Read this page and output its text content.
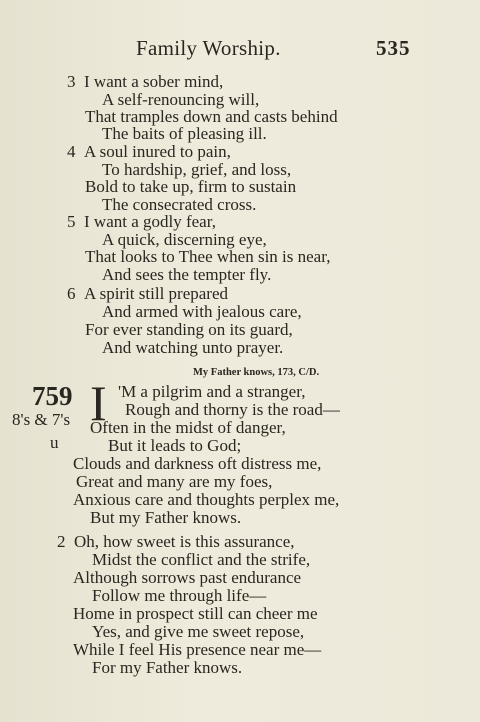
Family Worship.	535
3 I want a sober mind,
A self-renouncing will,
That tramples down and casts behind
The baits of pleasing ill.
4 A soul inured to pain,
To hardship, grief, and loss,
Bold to take up, firm to sustain
The consecrated cross.
5 I want a godly fear,
A quick, discerning eye,
That looks to Thee when sin is near,
And sees the tempter fly.
6 A spirit still prepared
And armed with jealous care,
For ever standing on its guard,
And watching unto prayer.
My Father knows, 173, C/D.
759 I
8's & 7's
u
'M a pilgrim and a stranger,
Rough and thorny is the road—
Often in the midst of danger,
But it leads to God;
Clouds and darkness oft distress me,
Great and many are my foes,
Anxious care and thoughts perplex me,
But my Father knows.
2 Oh, how sweet is this assurance,
Midst the conflict and the strife,
Although sorrows past endurance
Follow me through life—
Home in prospect still can cheer me
Yes, and give me sweet repose,
While I feel His presence near me—
For my Father knows.
